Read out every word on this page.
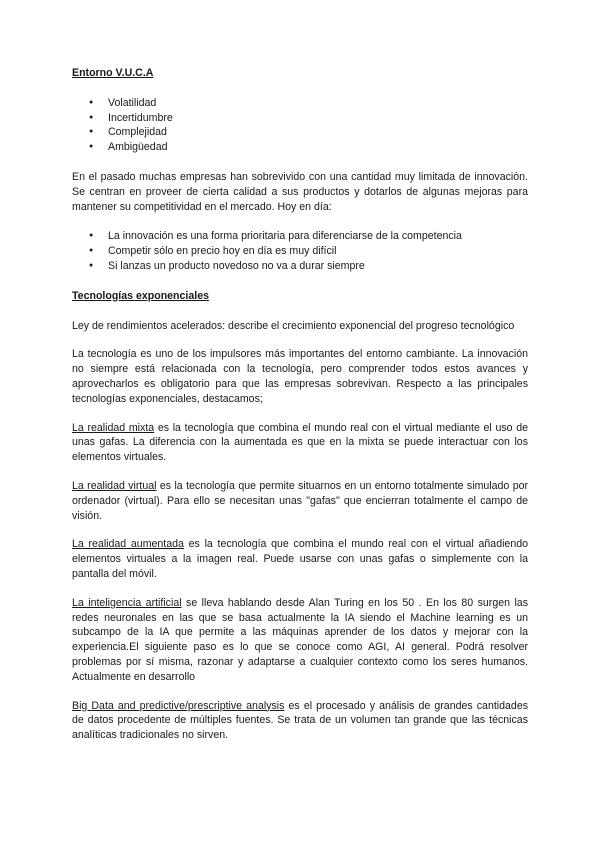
Entorno V.U.C.A
● Volatilidad
● Incertidumbre
● Complejidad
● Ambigüedad

En el pasado muchas empresas han sobrevivido con una cantidad muy limitada de innovación. Se centran en proveer de cierta calidad a sus productos y dotarlos de algunas mejoras para mantener su competitividad en el mercado. Hoy en día:

● La innovación es una forma prioritaria para diferenciarse de la competencia
● Competir sólo en precio hoy en día es muy difícil
● Si lanzas un producto novedoso no va a durar siempre
Tecnologías exponenciales

Ley de rendimientos acelerados: describe el crecimiento exponencial del progreso tecnológico

La tecnología es uno de los impulsores más importantes del entorno cambiante. La innovación no siempre está relacionada con la tecnología, pero comprender todos estos avances y aprovecharlos es obligatorio para que las empresas sobrevivan. Respecto a las principales tecnologías exponenciales, destacamos;

La realidad mixta es la tecnología que combina el mundo real con el virtual mediante el uso de unas gafas. La diferencia con la aumentada es que en la mixta se puede interactuar con los elementos virtuales.

La realidad virtual es la tecnología que permite situarnos en un entorno totalmente simulado por ordenador (virtual). Para ello se necesitan unas "gafas" que encierran totalmente el campo de visión.

La realidad aumentada es la tecnología que combina el mundo real con el virtual añadiendo elementos virtuales a la imagen real. Puede usarse con unas gafas o simplemente con la pantalla del móvil.

La inteligencia artificial se lleva hablando desde Alan Turing en los 50 . En los 80 surgen las redes neuronales en las que se basa actualmente la IA siendo el Machine learning es un subcampo de la IA que permite a las máquinas aprender de los datos y mejorar con la experiencia.El siguiente paso es lo que se conoce como AGI, AI general. Podrá resolver problemas por sí misma, razonar y adaptarse a cualquier contexto como los seres humanos. Actualmente en desarrollo

Big Data and predictive/prescriptive analysis es el procesado y análisis de grandes cantidades de datos procedente de múltiples fuentes. Se trata de un volumen tan grande que las técnicas analíticas tradicionales no sirven.
